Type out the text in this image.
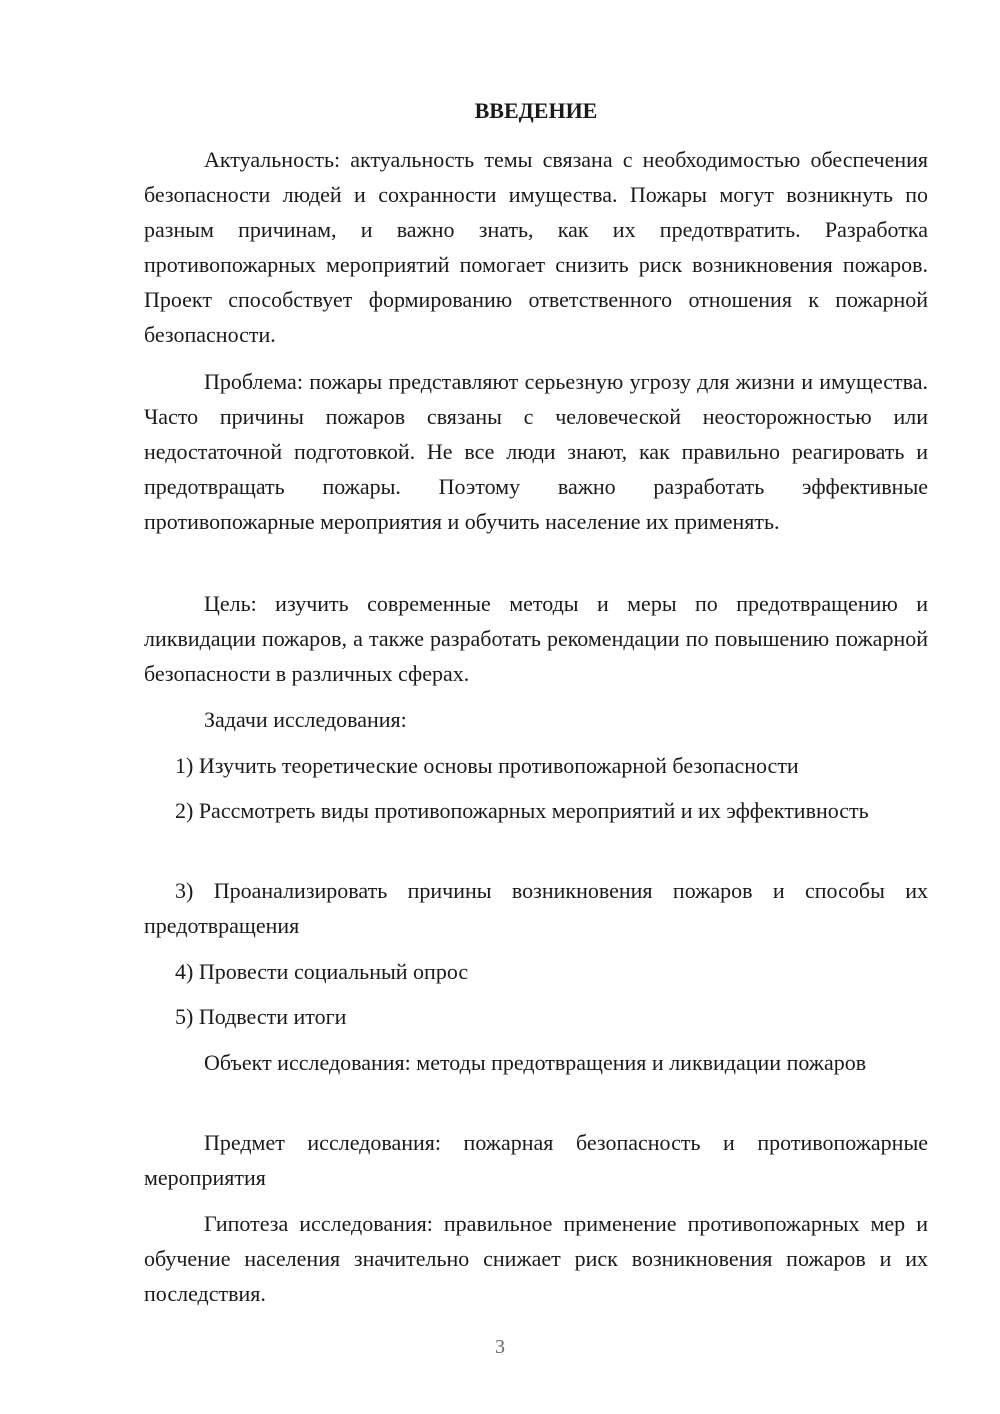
ВВЕДЕНИЕ

Актуальность: актуальность темы связана с необходимостью обеспечения безопасности людей и сохранности имущества. Пожары могут возникнуть по разным причинам, и важно знать, как их предотвратить. Разработка противопожарных мероприятий помогает снизить риск возникновения пожаров. Проект способствует формированию ответственного отношения к пожарной безопасности.

Проблема: пожары представляют серьезную угрозу для жизни и имущества. Часто причины пожаров связаны с человеческой неосторожностью или недостаточной подготовкой. Не все люди знают, как правильно реагировать и предотвращать пожары. Поэтому важно разработать эффективные противопожарные мероприятия и обучить население их применять.

Цель: изучить современные методы и меры по предотвращению и ликвидации пожаров, а также разработать рекомендации по повышению пожарной безопасности в различных сферах.

Задачи исследования:

1) Изучить теоретические основы противопожарной безопасности

2) Рассмотреть виды противопожарных мероприятий и их эффективность

3) Проанализировать причины возникновения пожаров и способы их предотвращения

4) Провести социальный опрос

5) Подвести итоги

Объект исследования: методы предотвращения и ликвидации пожаров

Предмет исследования: пожарная безопасность и противопожарные мероприятия

Гипотеза исследования: правильное применение противопожарных мер и обучение населения значительно снижает риск возникновения пожаров и их последствия.

3
